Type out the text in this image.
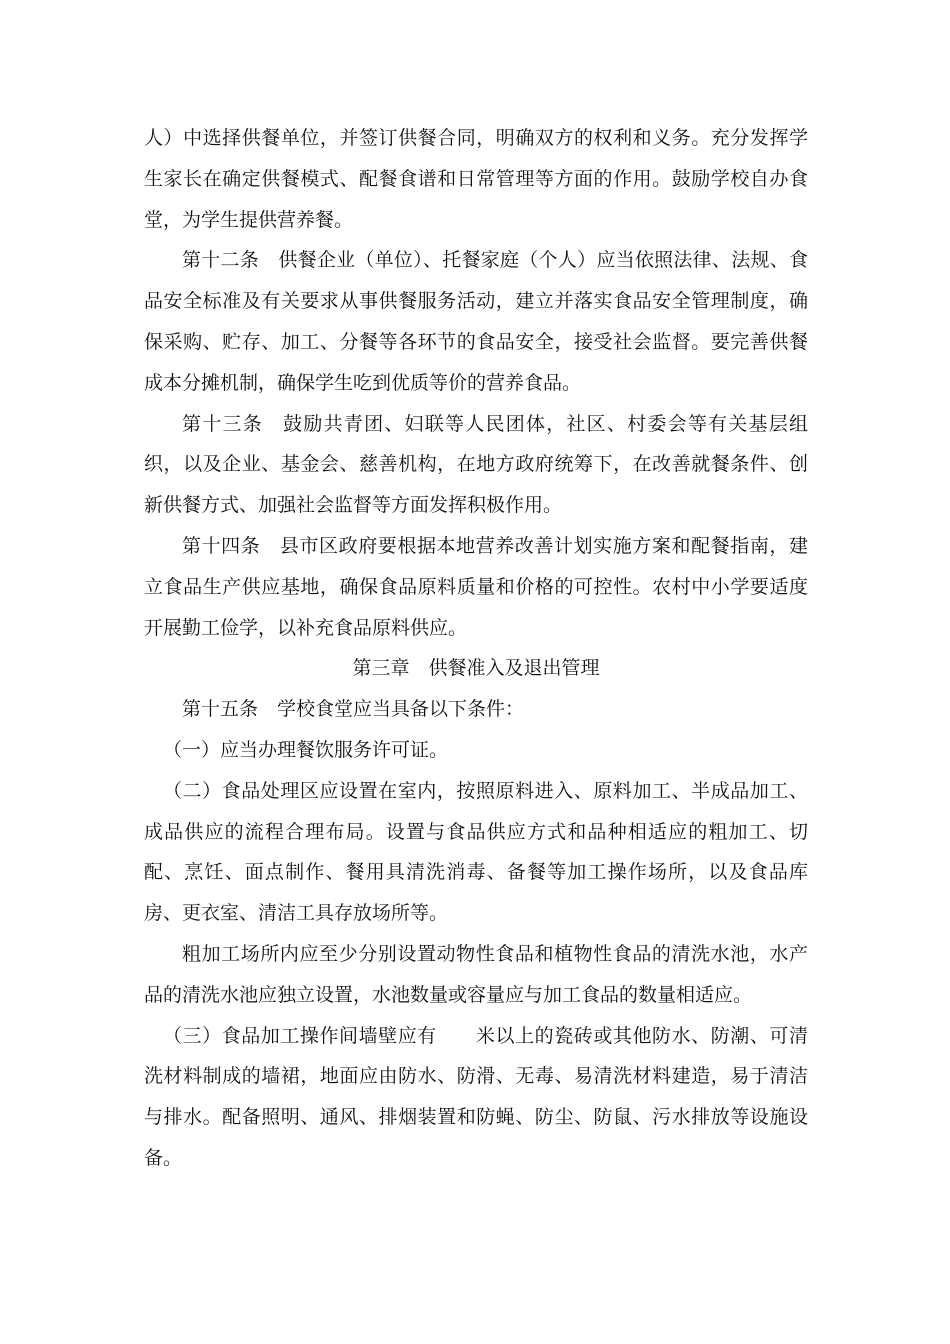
人）中选择供餐单位，并签订供餐合同，明确双方的权利和义务。充分发挥学生家长在确定供餐模式、配餐食谱和日常管理等方面的作用。鼓励学校自办食堂，为学生提供营养餐。

第十二条　供餐企业（单位）、托餐家庭（个人）应当依照法律、法规、食品安全标准及有关要求从事供餐服务活动，建立并落实食品安全管理制度，确保采购、贮存、加工、分餐等各环节的食品安全，接受社会监督。要完善供餐成本分摊机制，确保学生吃到优质等价的营养食品。

第十三条　鼓励共青团、妇联等人民团体，社区、村委会等有关基层组织，以及企业、基金会、慈善机构，在地方政府统筹下，在改善就餐条件、创新供餐方式、加强社会监督等方面发挥积极作用。

第十四条　县市区政府要根据本地营养改善计划实施方案和配餐指南，建立食品生产供应基地，确保食品原料质量和价格的可控性。农村中小学要适度开展勤工俭学，以补充食品原料供应。

第三章　供餐准入及退出管理

第十五条　学校食堂应当具备以下条件：

（一）应当办理餐饮服务许可证。

（二）食品处理区应设置在室内，按照原料进入、原料加工、半成品加工、成品供应的流程合理布局。设置与食品供应方式和品种相适应的粗加工、切配、烹饪、面点制作、餐用具清洗消毒、备餐等加工操作场所，以及食品库房、更衣室、清洁工具存放场所等。

粗加工场所内应至少分别设置动物性食品和植物性食品的清洗水池，水产品的清洗水池应独立设置，水池数量或容量应与加工食品的数量相适应。

（三）食品加工操作间墙壁应有　　米以上的瓷砖或其他防水、防潮、可清洗材料制成的墙裙，地面应由防水、防滑、无毒、易清洗材料建造，易于清洁与排水。配备照明、通风、排烟装置和防蝇、防尘、防鼠、污水排放等设施设备。
